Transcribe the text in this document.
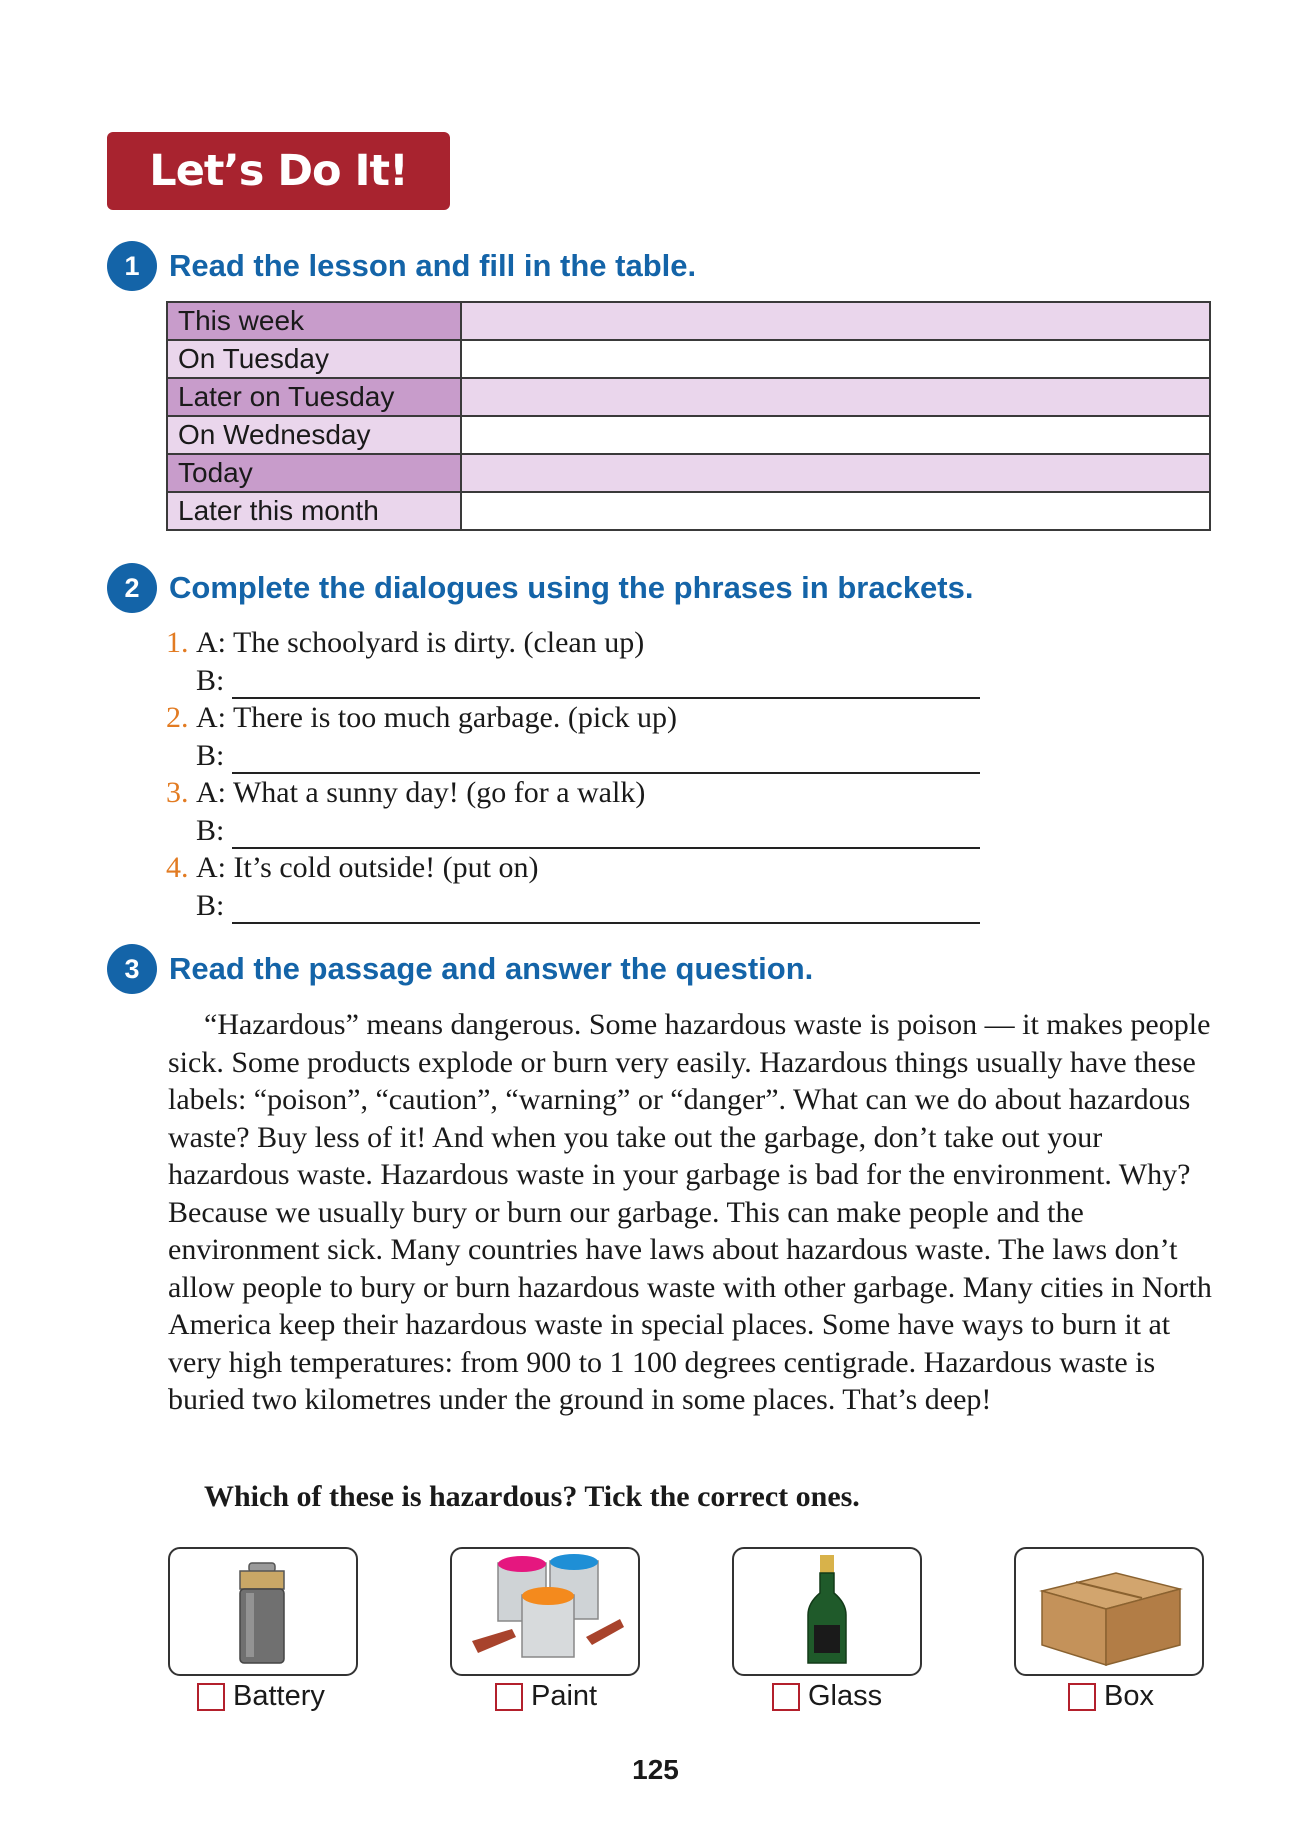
Let’s Do It!
1 Read the lesson and fill in the table.
This week	
On Tuesday	
Later on Tuesday	
On Wednesday	
Today	
Later this month	
2 Complete the dialogues using the phrases in brackets.
1. A: The schoolyard is dirty. (clean up)
B:
2. A: There is too much garbage. (pick up)
B:
3. A: What a sunny day! (go for a walk)
B:
4. A: It’s cold outside! (put on)
B:
3 Read the passage and answer the question.

“Hazardous” means dangerous. Some hazardous waste is poison — it makes people sick. Some products explode or burn very easily. Hazardous things usually have these labels: “poison”, “caution”, “warning” or “danger”. What can we do about hazardous waste? Buy less of it! And when you take out the garbage, don’t take out your hazardous waste. Hazardous waste in your garbage is bad for the environment. Why? Because we usually bury or burn our garbage. This can make people and the environment sick. Many countries have laws about hazardous waste. The laws don’t allow people to bury or burn hazardous waste with other garbage. Many cities in North America keep their hazardous waste in special places. Some have ways to burn it at very high temperatures: from 900 to 1 100 degrees centigrade. Hazardous waste is buried two kilometres under the ground in some places. That’s deep!

Which of these is hazardous? Tick the correct ones.
Battery	Paint	Glass	Box
125
